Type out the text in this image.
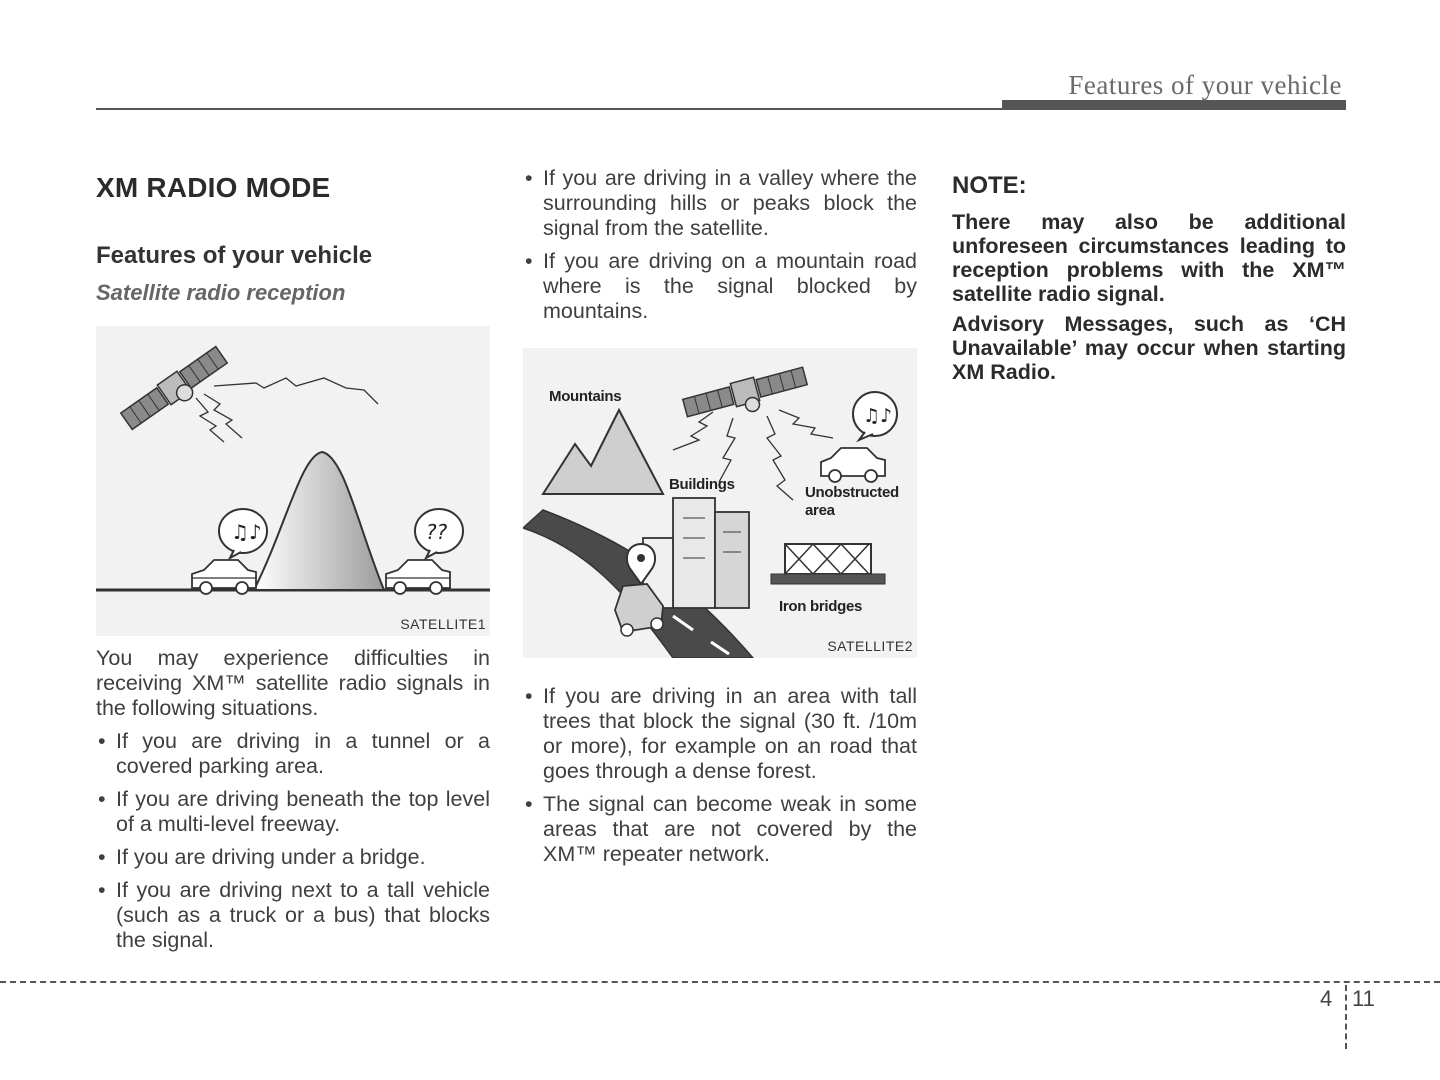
Features of your vehicle
XM RADIO MODE
Features of your vehicle
Satellite radio reception
♫♪	??
SATELLITE1

You may experience difficulties in receiving XM™ satellite radio signals in the following situations.

• If you are driving in a tunnel or a covered parking area.
• If you are driving beneath the top level of a multi-level freeway.
• If you are driving under a bridge.
• If you are driving next to a tall vehicle (such as a truck or a bus) that blocks the signal.
• If you are driving in a valley where the surrounding hills or peaks block the signal from the satellite.
• If you are driving on a mountain road where is the signal blocked by mountains.
♫♪
Mountains
Buildings	Unobstructed
area
Iron bridges
SATELLITE2
• If you are driving in an area with tall trees that block the signal (30 ft. /10m or more), for example on an road that goes through a dense forest.
• The signal can become weak in some areas that are not covered by the XM™ repeater network.
NOTE:

There may also be additional unforeseen circumstances leading to reception problems with the XM™ satellite radio signal.

Advisory Messages, such as ‘CH Unavailable’ may occur when starting XM Radio.

4 11
